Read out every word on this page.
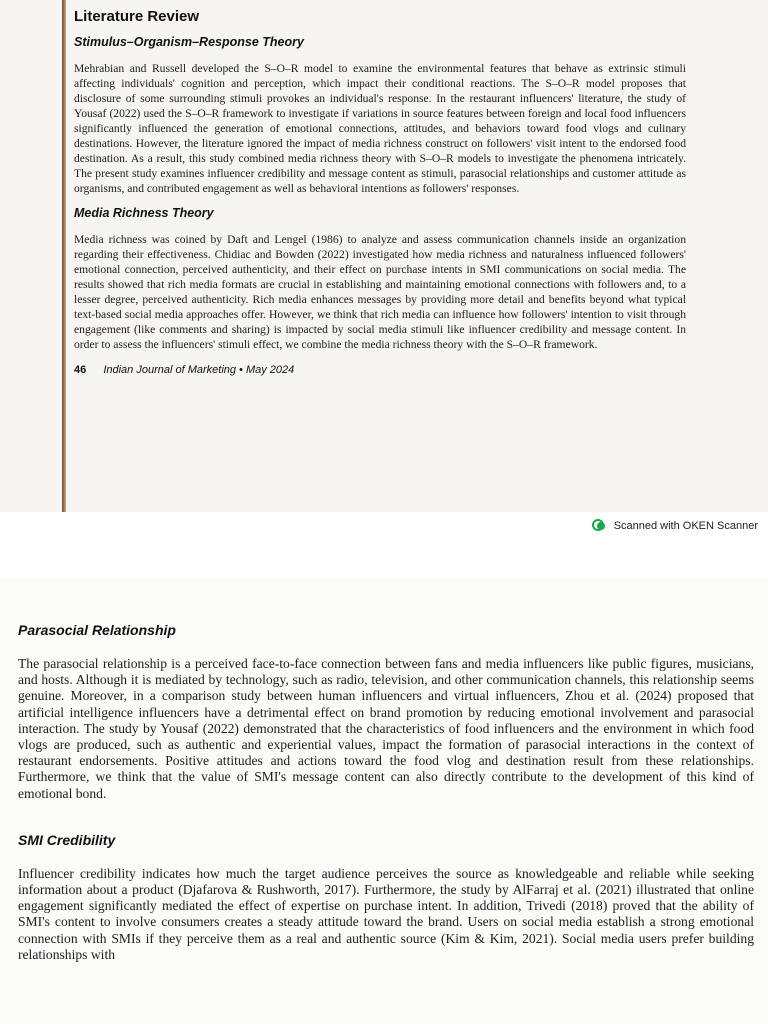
Literature Review
Stimulus–Organism–Response Theory

Mehrabian and Russell developed the S–O–R model to examine the environmental features that behave as extrinsic stimuli affecting individuals' cognition and perception, which impact their conditional reactions. The S–O–R model proposes that disclosure of some surrounding stimuli provokes an individual's response. In the restaurant influencers' literature, the study of Yousaf (2022) used the S–O–R framework to investigate if variations in source features between foreign and local food influencers significantly influenced the generation of emotional connections, attitudes, and behaviors toward food vlogs and culinary destinations. However, the literature ignored the impact of media richness construct on followers' visit intent to the endorsed food destination. As a result, this study combined media richness theory with S–O–R models to investigate the phenomena intricately. The present study examines influencer credibility and message content as stimuli, parasocial relationships and customer attitude as organisms, and contributed engagement as well as behavioral intentions as followers' responses.

Media Richness Theory

Media richness was coined by Daft and Lengel (1986) to analyze and assess communication channels inside an organization regarding their effectiveness. Chidiac and Bowden (2022) investigated how media richness and naturalness influenced followers' emotional connection, perceived authenticity, and their effect on purchase intents in SMI communications on social media. The results showed that rich media formats are crucial in establishing and maintaining emotional connections with followers and, to a lesser degree, perceived authenticity. Rich media enhances messages by providing more detail and benefits beyond what typical text-based social media approaches offer. However, we think that rich media can influence how followers' intention to visit through engagement (like comments and sharing) is impacted by social media stimuli like influencer credibility and message content. In order to assess the influencers' stimuli effect, we combine the media richness theory with the S–O–R framework.

46 Indian Journal of Marketing • May 2024
Scanned with OKEN Scanner
Parasocial Relationship

The parasocial relationship is a perceived face-to-face connection between fans and media influencers like public figures, musicians, and hosts. Although it is mediated by technology, such as radio, television, and other communication channels, this relationship seems genuine. Moreover, in a comparison study between human influencers and virtual influencers, Zhou et al. (2024) proposed that artificial intelligence influencers have a detrimental effect on brand promotion by reducing emotional involvement and parasocial interaction. The study by Yousaf (2022) demonstrated that the characteristics of food influencers and the environment in which food vlogs are produced, such as authentic and experiential values, impact the formation of parasocial interactions in the context of restaurant endorsements. Positive attitudes and actions toward the food vlog and destination result from these relationships. Furthermore, we think that the value of SMI's message content can also directly contribute to the development of this kind of emotional bond.

SMI Credibility

Influencer credibility indicates how much the target audience perceives the source as knowledgeable and reliable while seeking information about a product (Djafarova & Rushworth, 2017). Furthermore, the study by AlFarraj et al. (2021) illustrated that online engagement significantly mediated the effect of expertise on purchase intent. In addition, Trivedi (2018) proved that the ability of SMI's content to involve consumers creates a steady attitude toward the brand. Users on social media establish a strong emotional connection with SMIs if they perceive them as a real and authentic source (Kim & Kim, 2021). Social media users prefer building relationships with
